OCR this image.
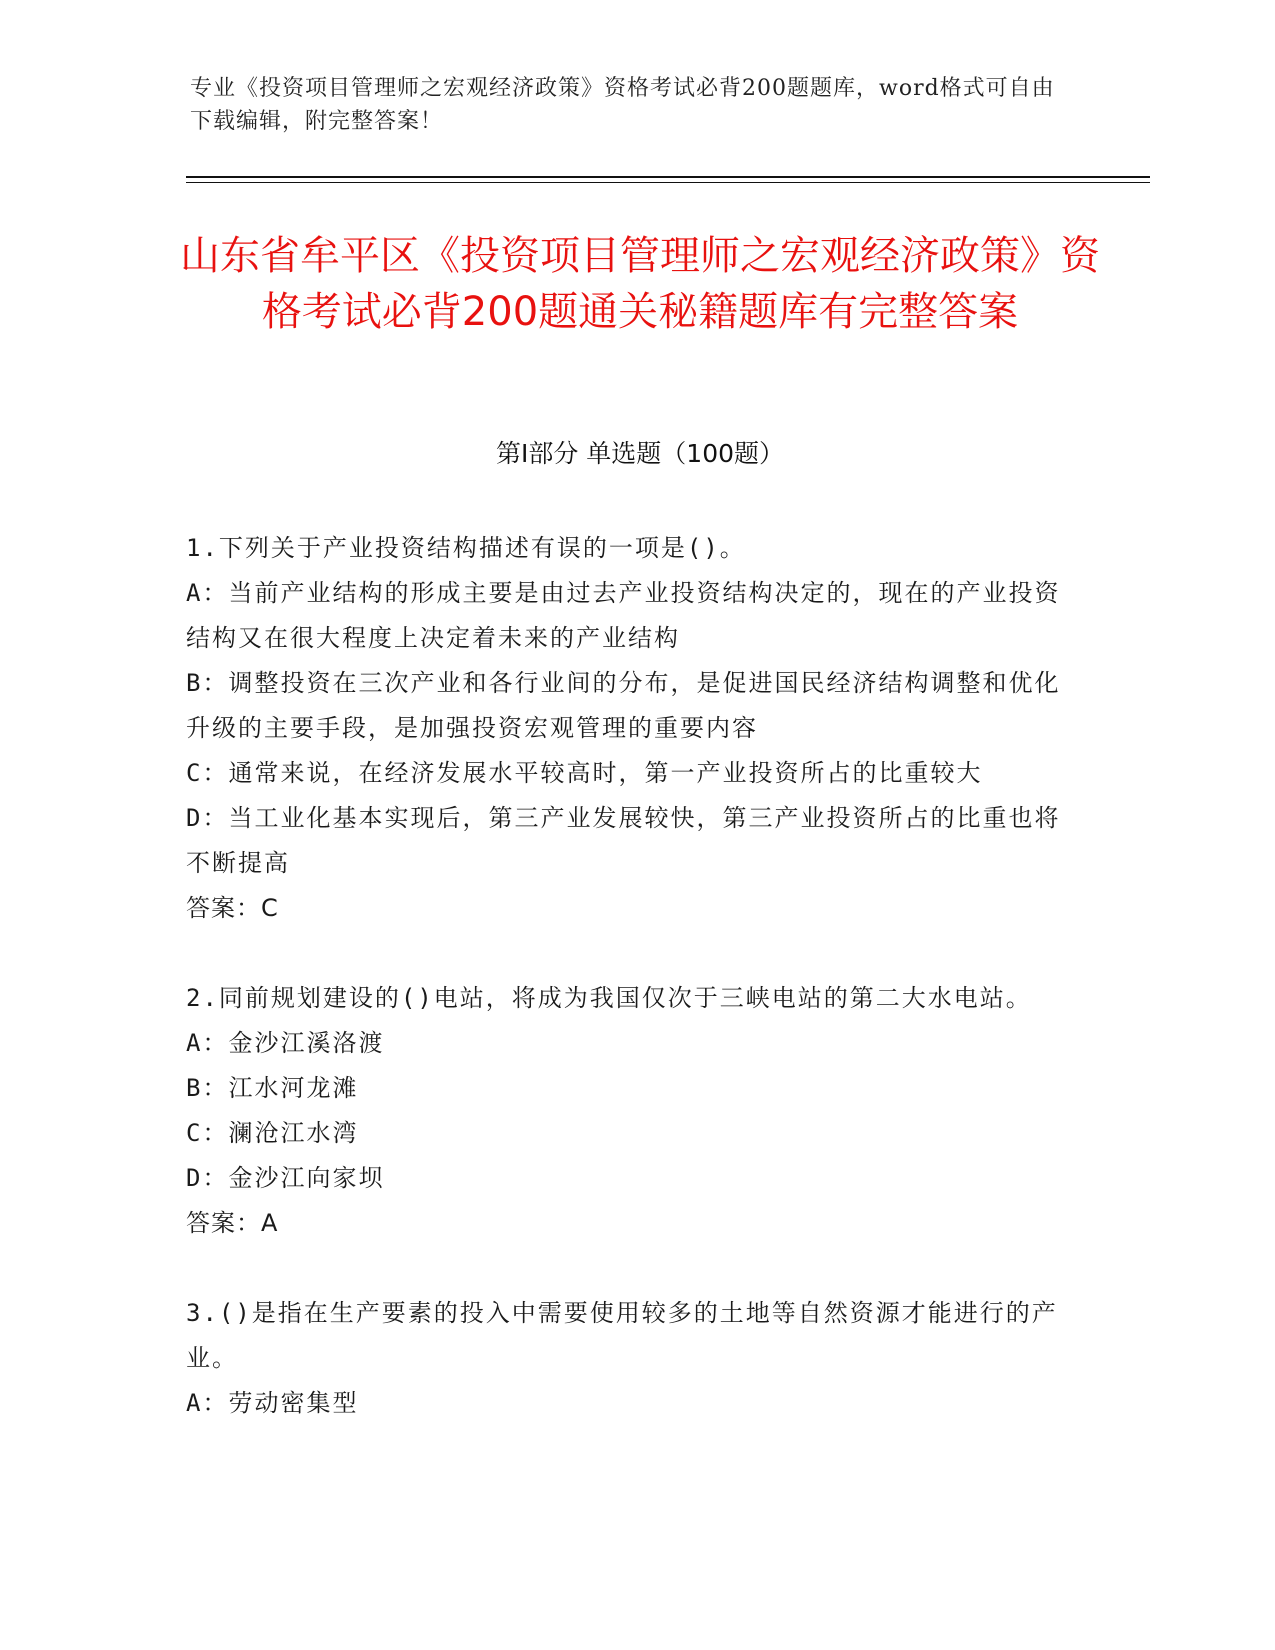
专业《投资项目管理师之宏观经济政策》资格考试必背200题题库，word格式可自由下载编辑，附完整答案！
山东省牟平区《投资项目管理师之宏观经济政策》资格考试必背200题通关秘籍题库有完整答案
第Ⅰ部分 单选题（100题）

1.下列关于产业投资结构描述有误的一项是()。

A：当前产业结构的形成主要是由过去产业投资结构决定的，现在的产业投资结构又在很大程度上决定着未来的产业结构

B：调整投资在三次产业和各行业间的分布，是促进国民经济结构调整和优化升级的主要手段，是加强投资宏观管理的重要内容

C：通常来说，在经济发展水平较高时，第一产业投资所占的比重较大

D：当工业化基本实现后，第三产业发展较快，第三产业投资所占的比重也将不断提高

答案：C

2.同前规划建设的()电站，将成为我国仅次于三峡电站的第二大水电站。

A：金沙江溪洛渡

B：江水河龙滩

C：澜沧江水湾

D：金沙江向家坝

答案：A

3.()是指在生产要素的投入中需要使用较多的土地等自然资源才能进行的产业。

A：劳动密集型
